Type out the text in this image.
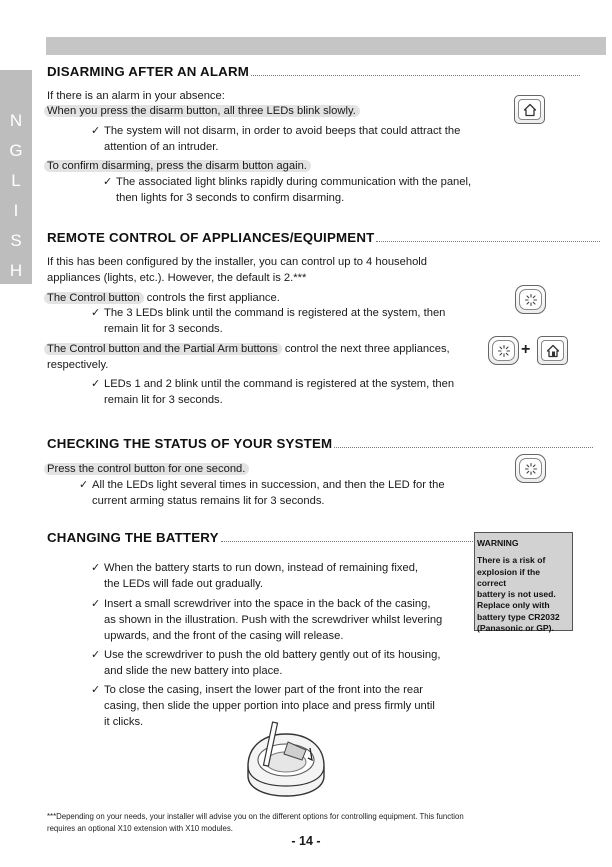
N
G
L
I
S
H
DISARMING AFTER AN ALARM
If there is an alarm in your absence:
When you press the disarm button, all three LEDs blink slowly.
✓ The system will not disarm, in order to avoid beeps that could attract the
attention of an intruder.
To confirm disarming, press the disarm button again.
✓ The associated light blinks rapidly during communication with the panel,
then lights for 3 seconds to confirm disarming.
REMOTE CONTROL OF APPLIANCES/EQUIPMENT
If this has been configured by the installer, you can control up to 4 household
appliances (lights, etc.). However, the default is 2.***
The Control button controls the first appliance.
✓ The 3 LEDs blink until the command is registered at the system, then
remain lit for 3 seconds.
The Control button and the Partial Arm buttons control the next three appliances,
respectively.
✓ LEDs 1 and 2 blink until the command is registered at the system, then
remain lit for 3 seconds.
+
CHECKING THE STATUS OF YOUR SYSTEM
Press the control button for one second.
✓ All the LEDs light several times in succession, and then the LED for the
current arming status remains lit for 3 seconds.
CHANGING THE BATTERY
✓ When the battery starts to run down, instead of remaining fixed,
the LEDs will fade out gradually.
✓ Insert a small screwdriver into the space in the back of the casing,
as shown in the illustration. Push with the screwdriver whilst levering
upwards, and the front of the casing will release.
✓ Use the screwdriver to push the old battery gently out of its housing,
and slide the new battery into place.
✓ To close the casing, insert the lower part of the front into the rear
casing, then slide the upper portion into place and press firmly until
it clicks.
WARNING
There is a risk of
explosion if the correct
battery is not used.
Replace only with
battery type CR2032
(Panasonic or GP).
***Depending on your needs, your installer will advise you on the different options for controlling equipment. This function
requires an optional X10 extension with X10 modules.
- 14 -
